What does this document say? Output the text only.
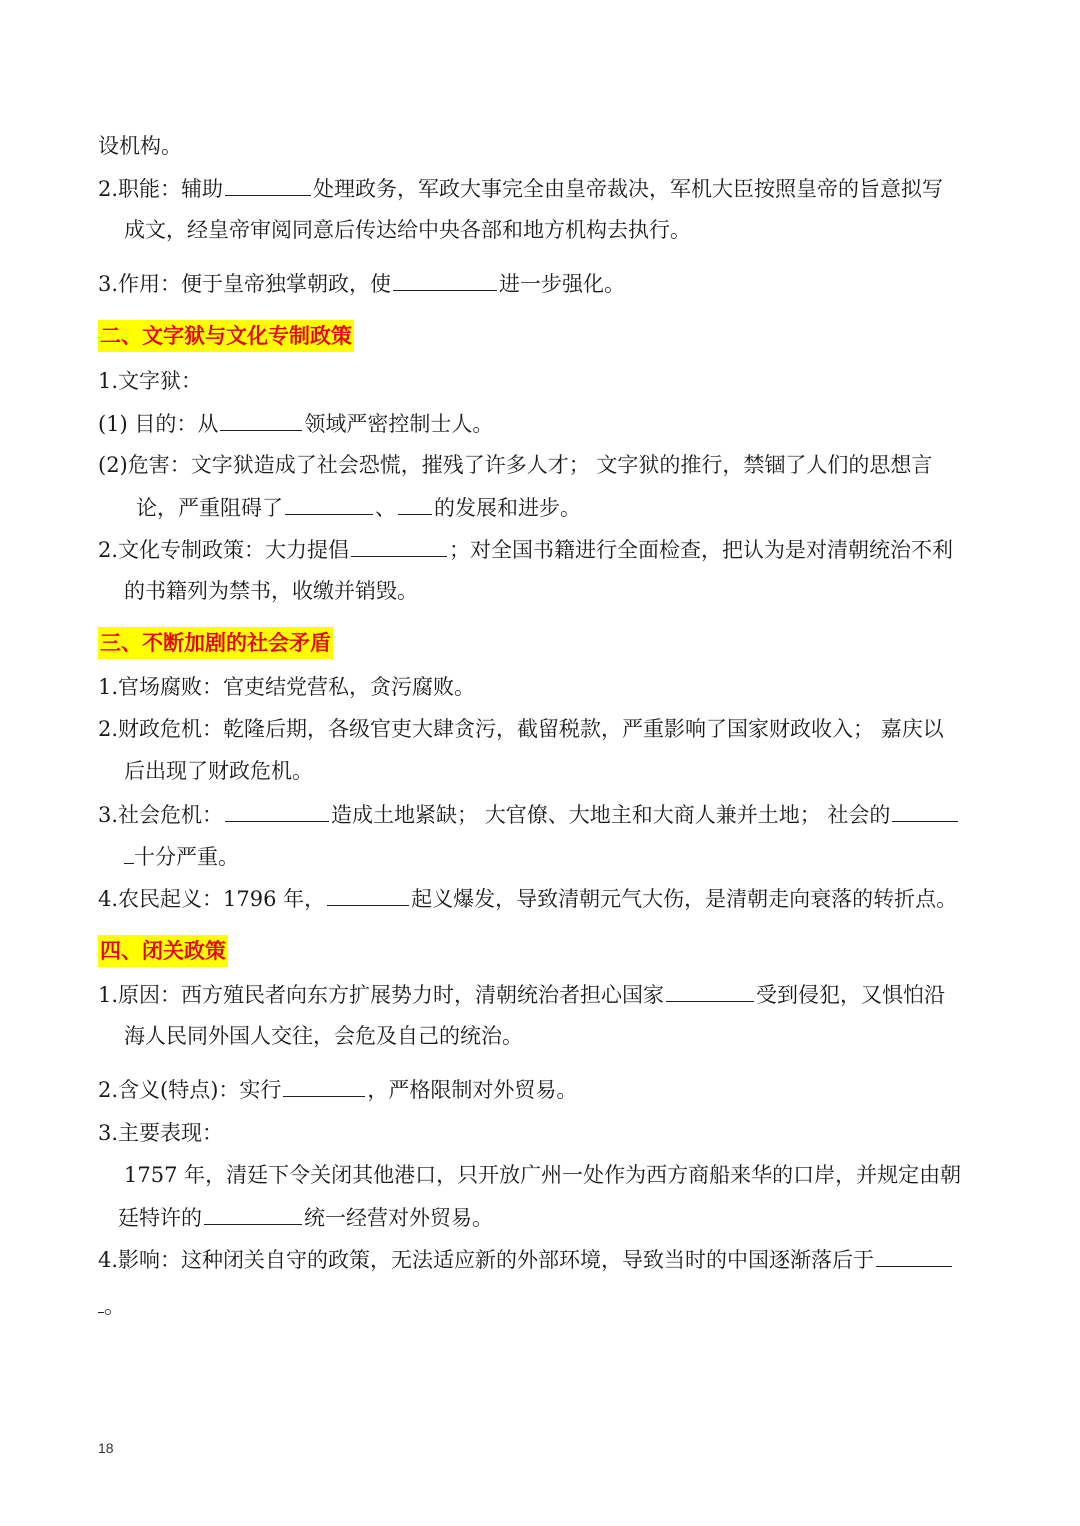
设机构。
2.职能：辅助	处理政务，军政大事完全由皇帝裁决，军机大臣按照皇帝的旨意拟写
成文，经皇帝审阅同意后传达给中央各部和地方机构去执行。
3.作用：便于皇帝独掌朝政，使	进一步强化。
二、文字狱与文化专制政策
1.文字狱：
(1) 目的：从	领域严密控制士人。
(2)危害：文字狱造成了社会恐慌，摧残了许多人才； 文字狱的推行，禁锢了人们的思想言
论，严重阻碍了	、 的发展和进步。
2.文化专制政策：大力提倡	；对全国书籍进行全面检查，把认为是对清朝统治不利
的书籍列为禁书，收缴并销毁。
三、不断加剧的社会矛盾
1.官场腐败：官吏结党营私，贪污腐败。
2.财政危机：乾隆后期，各级官吏大肆贪污，截留税款，严重影响了国家财政收入； 嘉庆以
后出现了财政危机。
3.社会危机：	造成土地紧缺； 大官僚、大地主和大商人兼并土地； 社会的
十分严重。
4.农民起义：1796 年，	起义爆发，导致清朝元气大伤，是清朝走向衰落的转折点。
四、闭关政策
1.原因：西方殖民者向东方扩展势力时，清朝统治者担心国家	受到侵犯，又惧怕沿
海人民同外国人交往，会危及自己的统治。
2.含义(特点)：实行	，严格限制对外贸易。
3.主要表现：
1757 年，清廷下令关闭其他港口，只开放广州一处作为西方商船来华的口岸，并规定由朝
廷特许的	统一经营对外贸易。
4.影响：这种闭关自守的政策，无法适应新的外部环境，导致当时的中国逐渐落后于
。
18
